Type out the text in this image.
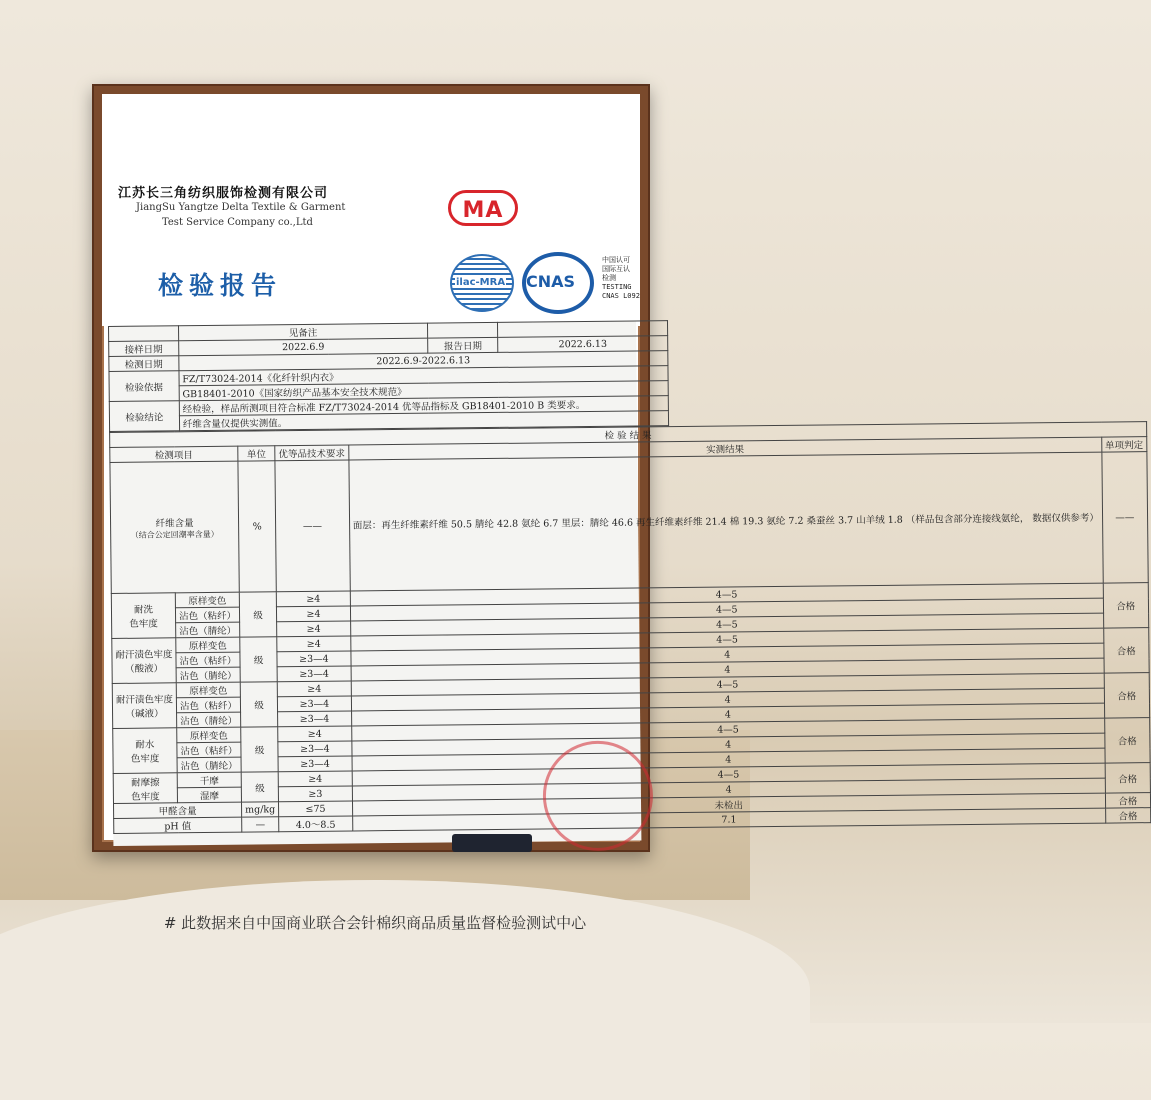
江苏长三角纺织服饰检测有限公司
JiangSu Yangtze Delta Textile & Garment
Test Service Company co.,Ltd
检验报告
MA
ilac-MRA CNAS
中国认可
国际互认
检测
TESTING
CNAS L092
	见备注		
接样日期	2022.6.9	报告日期	2022.6.13
检测日期	2022.6.9-2022.6.13		
检验依据	FZ/T73024-2014《化纤针织内衣》		
	GB18401-2010《国家纺织产品基本安全技术规范》		
检验结论	经检验，样品所测项目符合标准 FZ/T73024-2014 优等品指标及 GB18401-2010 B 类要求。		
	纤维含量仅提供实测值。		
检 验 结 果					
检测项目		单位	优等品技术要求	实测结果	单项判定

纤维含量
（结合公定回潮率含量）		%	——	面层：再生纤维素纤维 50.5 腈纶 42.8 氨纶 6.7 里层：腈纶 46.6 再生纤维素纤维 21.4 棉 19.3 氨纶 7.2 桑蚕丝 3.7 山羊绒 1.8 （样品包含部分连接线氨纶， 数据仅供参考）	——
耐洗
色牢度	原样变色	级	≥4	4—5	合格
	沾色（粘纤）		≥4	4—5	
	沾色（腈纶）		≥4	4—5	
耐汗渍色牢度
（酸液）	原样变色	级	≥4	4—5	合格
	沾色（粘纤）		≥3—4	4	
	沾色（腈纶）		≥3—4	4	
耐汗渍色牢度
（碱液）	原样变色	级	≥4	4—5	合格
	沾色（粘纤）		≥3—4	4	
	沾色（腈纶）		≥3—4	4	
耐水
色牢度	原样变色	级	≥4	4—5	合格
	沾色（粘纤）		≥3—4	4	
	沾色（腈纶）		≥3—4	4	
耐摩擦
色牢度	干摩	级	≥4	4—5	合格
	湿摩		≥3	4	
甲醛含量		mg/kg	≤75	未检出	合格
pH 值		—	4.0～8.5	7.1	合格
# 此数据来自中国商业联合会针棉织商品质量监督检验测试中心
